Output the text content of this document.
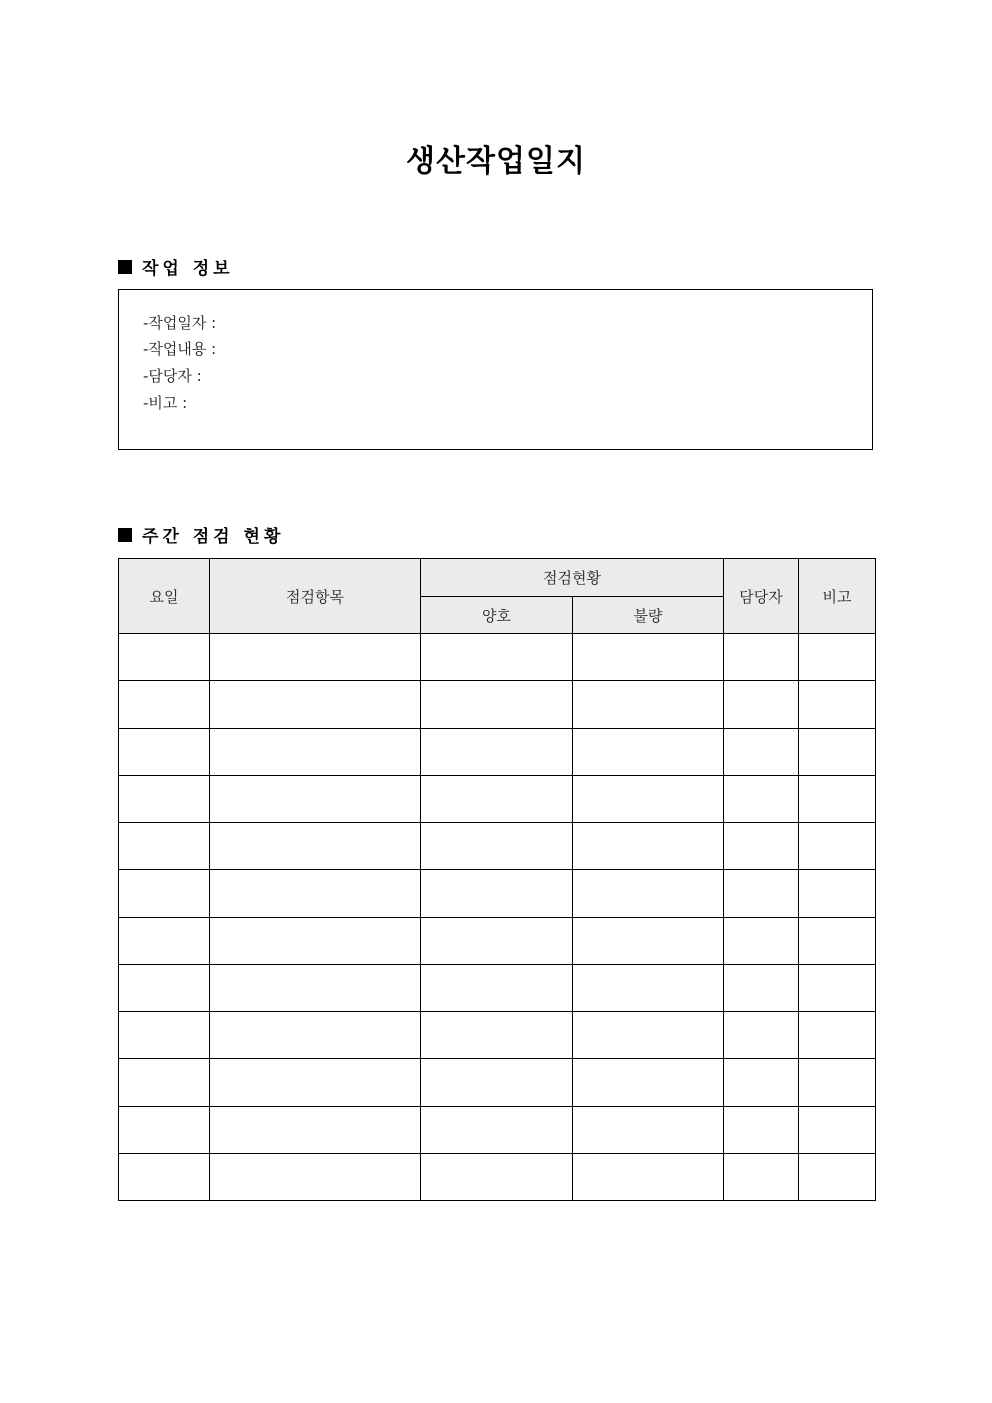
생산작업일지
작업 정보
-작업일자 :
-작업내용 :
-담당자 :
-비고 :
주간 점검 현황
요일	점검항목	점검현황		담당자	비고
		양호	불량		
